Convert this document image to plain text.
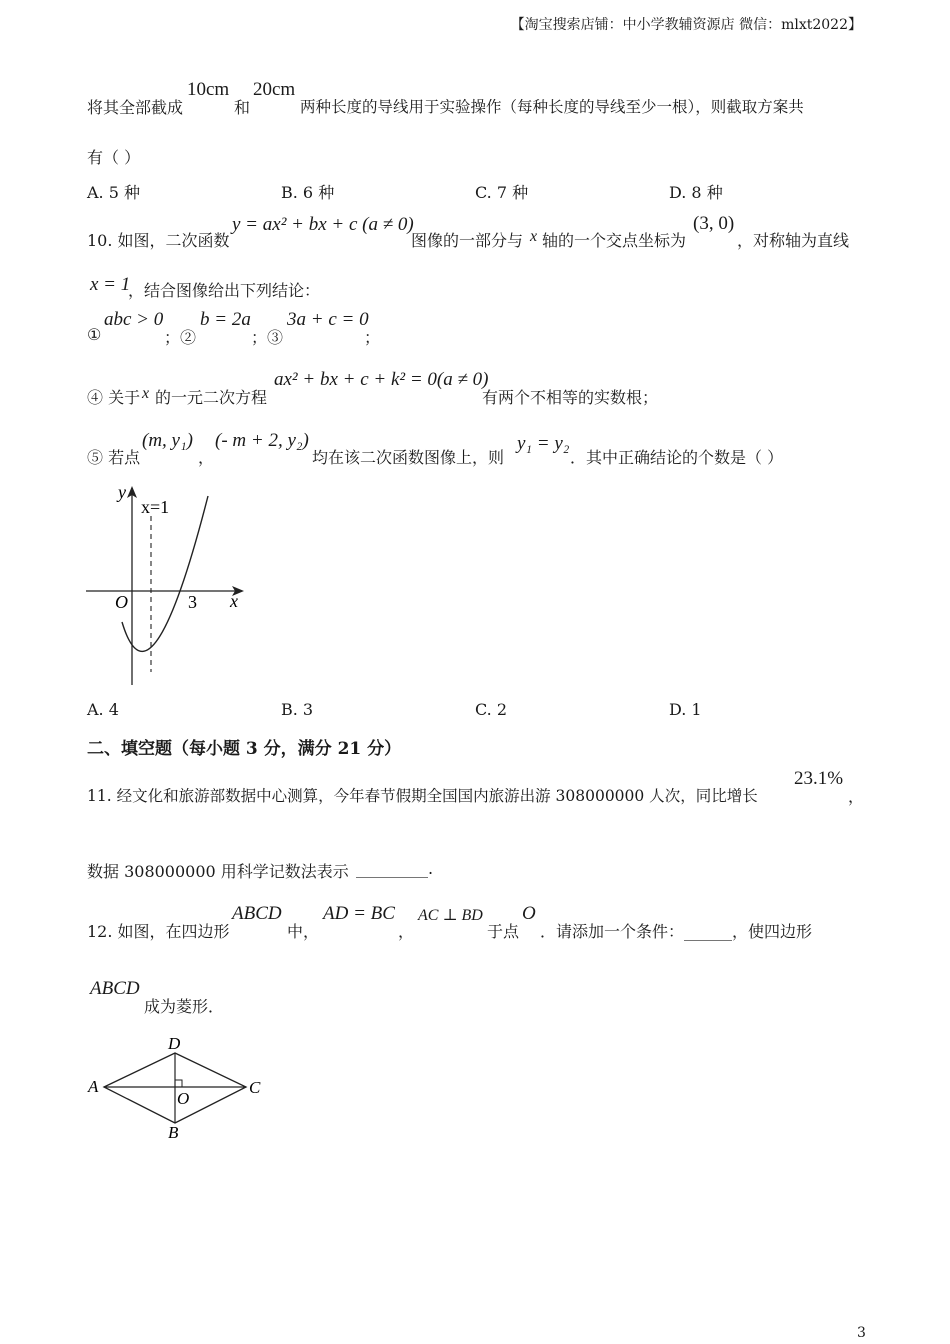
【淘宝搜索店铺：中小学教辅资源店 微信：mlxt2022】
将其全部截成
10cm
和
20cm
两种长度的导线用于实验操作（每种长度的导线至少一根），则截取方案共
有（ ）
A. 5 种	B. 6 种	C. 7 种	D. 8 种
10. 如图，二次函数
y = ax² + bx + c (a ≠ 0)
图像的一部分与 x 轴的一个交点坐标为
(3, 0)
，对称轴为直线
x = 1
，结合图像给出下列结论：
①
abc > 0
；②
b = 2a
；③
3a + c = 0
；
④ 关于 x 的一元二次方程
ax² + bx + c + k² = 0(a ≠ 0)
有两个不相等的实数根；
⑤ 若点
(m, y₁)
，
(- m + 2, y₂)
均在该二次函数图像上，则
y₁ = y₂
．其中正确结论的个数是（ ）
y
x
O	3
x=1
A. 4	B. 3	C. 2	D. 1
二、填空题（每小题 3 分，满分 21 分）
11. 经文化和旅游部数据中心测算，今年春节假期全国国内旅游出游 308000000 人次，同比增长
23.1%
，
数据 308000000 用科学记数法表示 _________.
12. 如图，在四边形
ABCD
中，
AD = BC
，
AC ⊥ BD
于点
O
．请添加一个条件：______，使四边形
ABCD
成为菱形．
A
D
C
B
O
3
